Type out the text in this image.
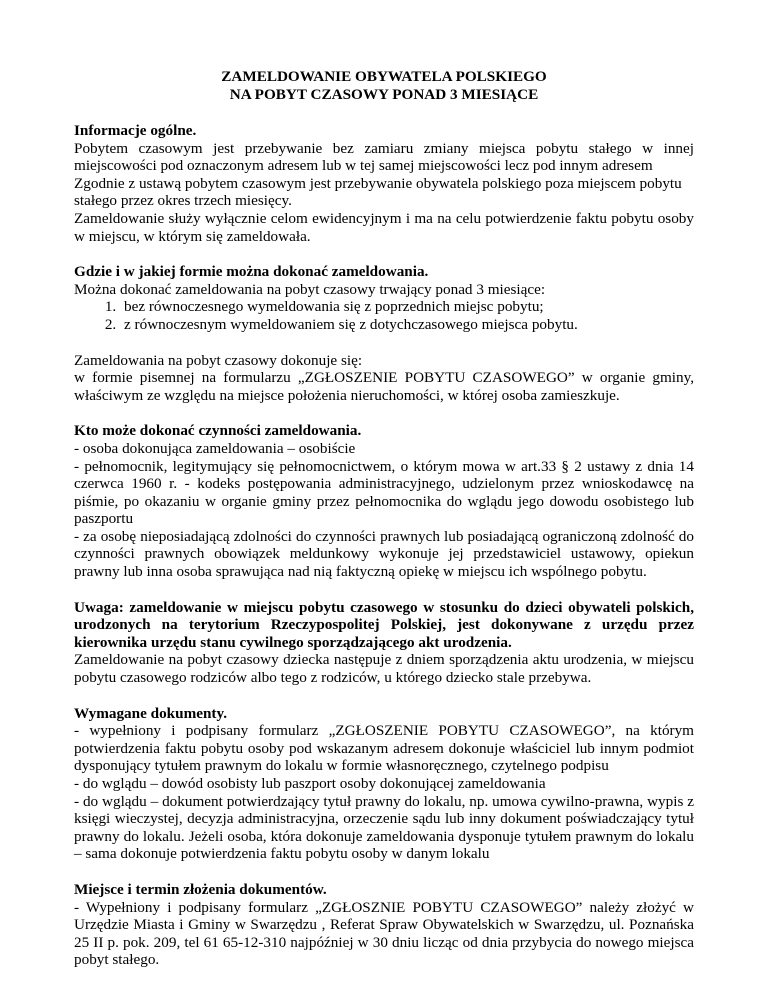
ZAMELDOWANIE OBYWATELA POLSKIEGO
NA POBYT CZASOWY PONAD 3 MIESIĄCE

Informacje ogólne.

Pobytem czasowym jest przebywanie bez zamiaru zmiany miejsca pobytu stałego w innej miejscowości pod oznaczonym adresem lub w tej samej miejscowości lecz pod innym adresem

Zgodnie z ustawą pobytem czasowym jest przebywanie obywatela polskiego poza miejscem pobytu stałego przez okres trzech miesięcy.

Zameldowanie służy wyłącznie celom ewidencyjnym i ma na celu potwierdzenie faktu pobytu osoby w miejscu, w którym się zameldowała.

Gdzie i w jakiej formie można dokonać zameldowania.

Można dokonać zameldowania na pobyt czasowy trwający ponad 3 miesiące:

1. bez równoczesnego wymeldowania się z poprzednich miejsc pobytu;
2. z równoczesnym wymeldowaniem się z dotychczasowego miejsca pobytu.

Zameldowania na pobyt czasowy dokonuje się:

w formie pisemnej na formularzu „ZGŁOSZENIE POBYTU CZASOWEGO” w organie gminy, właściwym ze względu na miejsce położenia nieruchomości, w której osoba zamieszkuje.

Kto może dokonać czynności zameldowania.

- osoba dokonująca zameldowania – osobiście

- pełnomocnik, legitymujący się pełnomocnictwem, o którym mowa w art.33 § 2 ustawy z dnia 14 czerwca 1960 r. - kodeks postępowania administracyjnego, udzielonym przez wnioskodawcę na piśmie, po okazaniu w organie gminy przez pełnomocnika do wglądu jego dowodu osobistego lub paszportu

- za osobę nieposiadającą zdolności do czynności prawnych lub posiadającą ograniczoną zdolność do czynności prawnych obowiązek meldunkowy wykonuje jej przedstawiciel ustawowy, opiekun prawny lub inna osoba sprawująca nad nią faktyczną opiekę w miejscu ich wspólnego pobytu.

Uwaga: zameldowanie w miejscu pobytu czasowego w stosunku do dzieci obywateli polskich, urodzonych na terytorium Rzeczypospolitej Polskiej, jest dokonywane z urzędu przez kierownika urzędu stanu cywilnego sporządzającego akt urodzenia.

Zameldowanie na pobyt czasowy dziecka następuje z dniem sporządzenia aktu urodzenia, w miejscu pobytu czasowego rodziców albo tego z rodziców, u którego dziecko stale przebywa.

Wymagane dokumenty.

- wypełniony i podpisany formularz „ZGŁOSZENIE POBYTU CZASOWEGO”, na którym potwierdzenia faktu pobytu osoby pod wskazanym adresem dokonuje właściciel lub innym podmiot dysponujący tytułem prawnym do lokalu w formie własnoręcznego, czytelnego podpisu

- do wglądu – dowód osobisty lub paszport osoby dokonującej zameldowania

- do wglądu – dokument potwierdzający tytuł prawny do lokalu, np. umowa cywilno-prawna, wypis z księgi wieczystej, decyzja administracyjna, orzeczenie sądu lub inny dokument poświadczający tytuł prawny do lokalu. Jeżeli osoba, która dokonuje zameldowania dysponuje tytułem prawnym do lokalu – sama dokonuje potwierdzenia faktu pobytu osoby w danym lokalu

Miejsce i termin złożenia dokumentów.

- Wypełniony i podpisany formularz „ZGŁOSZNIE POBYTU CZASOWEGO” należy złożyć w Urzędzie Miasta i Gminy w Swarzędzu , Referat Spraw Obywatelskich w Swarzędzu, ul. Poznańska 25 II p. pok. 209, tel 61 65-12-310 najpóźniej w 30 dniu licząc od dnia przybycia do nowego miejsca pobyt stałego.
